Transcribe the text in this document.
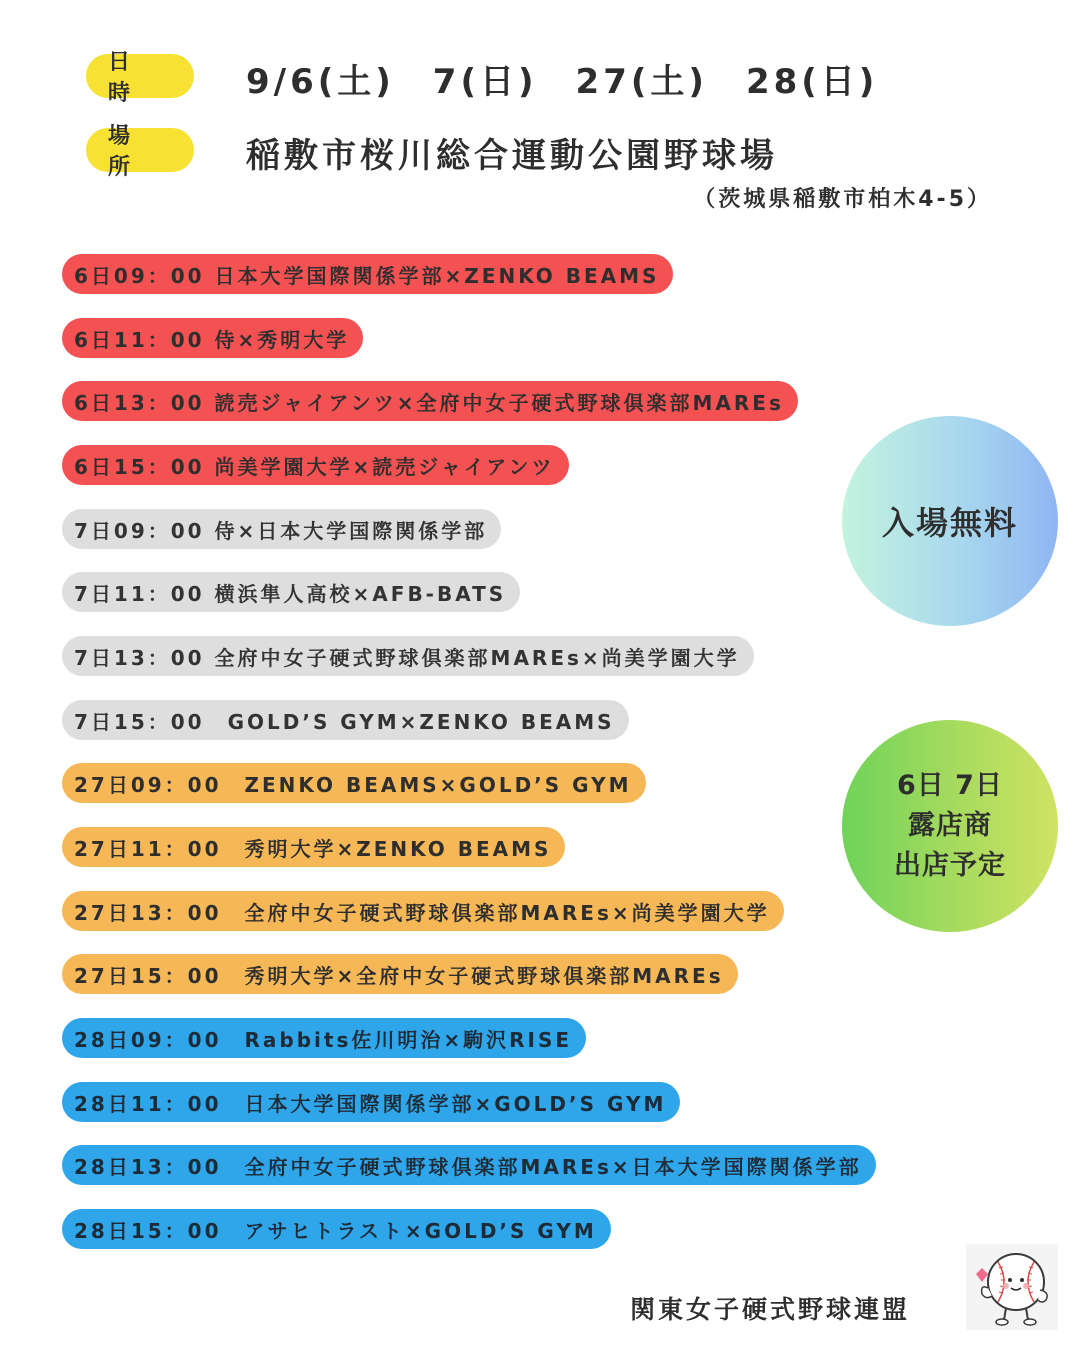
日 時	9/6(土)　7(日)　27(土)　28(日)
場 所	稲敷市桜川総合運動公園野球場
（茨城県稲敷市柏木4-5）
6日09：00 日本大学国際関係学部×ZENKO BEAMS
6日11：00 侍×秀明大学
6日13：00 読売ジャイアンツ×全府中女子硬式野球倶楽部MAREs
6日15：00 尚美学園大学×読売ジャイアンツ
7日09：00 侍×日本大学国際関係学部
7日11：00 横浜隼人高校×AFB-BATS
7日13：00 全府中女子硬式野球倶楽部MAREs×尚美学園大学
7日15：00　GOLD’S GYM×ZENKO BEAMS
27日09：00　ZENKO BEAMS×GOLD’S GYM
27日11：00　秀明大学×ZENKO BEAMS
27日13：00　全府中女子硬式野球倶楽部MAREs×尚美学園大学
27日15：00　秀明大学×全府中女子硬式野球倶楽部MAREs
28日09：00　Rabbits佐川明治×駒沢RISE
28日11：00　日本大学国際関係学部×GOLD’S GYM
28日13：00　全府中女子硬式野球倶楽部MAREs×日本大学国際関係学部
28日15：00　アサヒトラスト×GOLD’S GYM
入場無料
6日 7日
露店商
出店予定
関東女子硬式野球連盟
